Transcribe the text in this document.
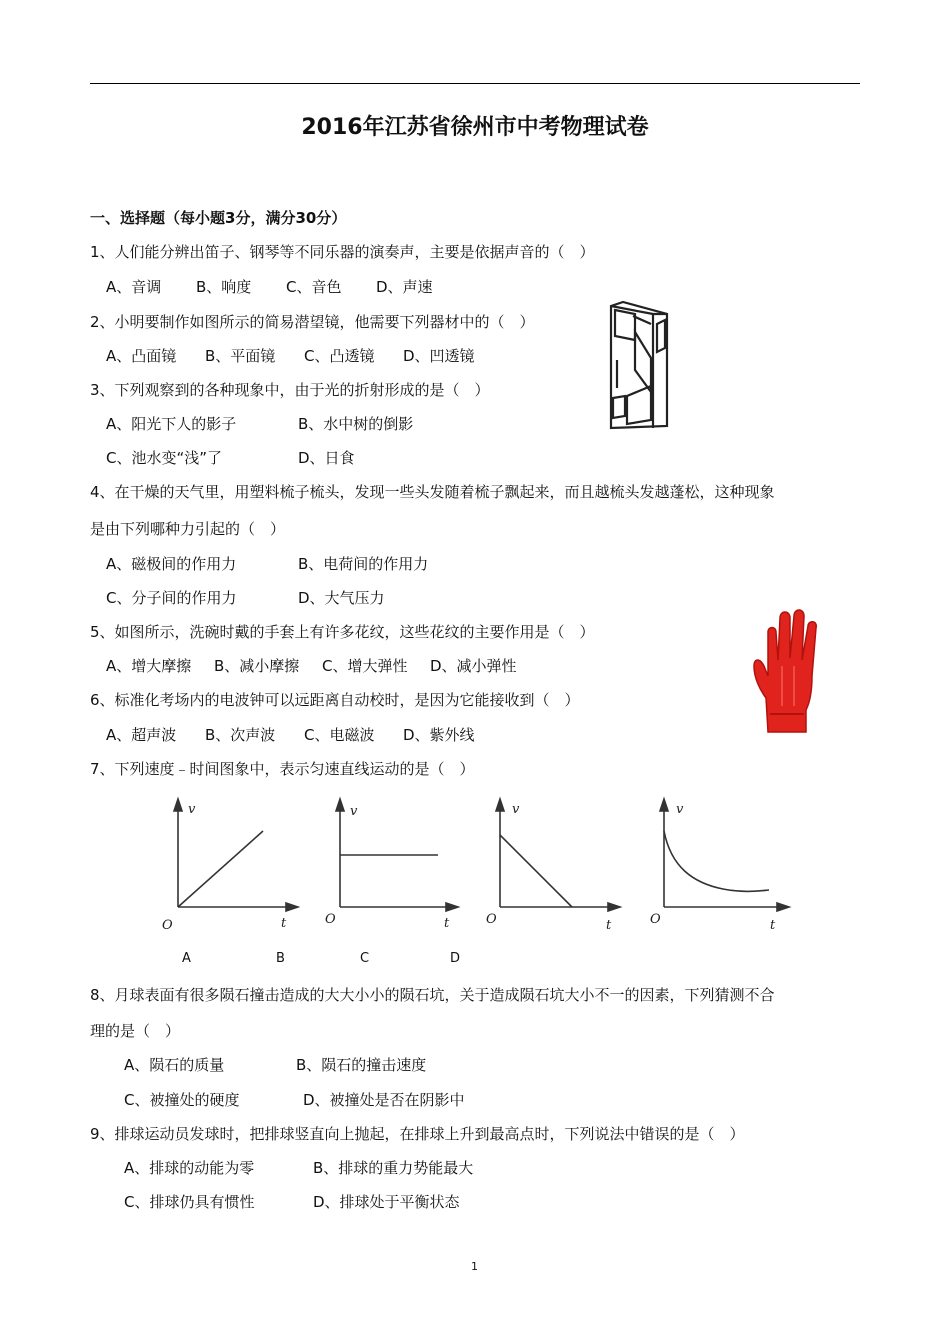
2016年江苏省徐州市中考物理试卷
一、选择题（每小题3分，满分30分）
1、人们能分辨出笛子、钢琴等不同乐器的演奏声，主要是依据声音的（　）
A、音调 B、响度 C、音色 D、声速
2、小明要制作如图所示的简易潜望镜，他需要下列器材中的（　）
A、凸面镜 B、平面镜 C、凸透镜 D、凹透镜
3、下列观察到的各种现象中，由于光的折射形成的是（　）
A、阳光下人的影子	B、水中树的倒影
C、池水变“浅”了	D、日食
4、在干燥的天气里，用塑料梳子梳头，发现一些头发随着梳子飘起来，而且越梳头发越蓬松，这种现象
是由下列哪种力引起的（　）
A、磁极间的作用力	B、电荷间的作用力
C、分子间的作用力	D、大气压力
5、如图所示，洗碗时戴的手套上有许多花纹，这些花纹的主要作用是（　）
A、增大摩擦 B、减小摩擦 C、增大弹性 D、减小弹性
6、标准化考场内的电波钟可以远距离自动校时，是因为它能接收到（　）
A、超声波 B、次声波 C、电磁波 D、紫外线
7、下列速度﹣时间图象中，表示匀速直线运动的是（　）
v
t
O
v
t
O
v
t
O
v
t
O
A	B	C	D
8、月球表面有很多陨石撞击造成的大大小小的陨石坑，关于造成陨石坑大小不一的因素，下列猜测不合
理的是（　）
A、陨石的质量	B、陨石的撞击速度
C、被撞处的硬度	D、被撞处是否在阴影中
9、排球运动员发球时，把排球竖直向上抛起，在排球上升到最高点时，下列说法中错误的是（　）
A、排球的动能为零	B、排球的重力势能最大
C、排球仍具有惯性	D、排球处于平衡状态
1
